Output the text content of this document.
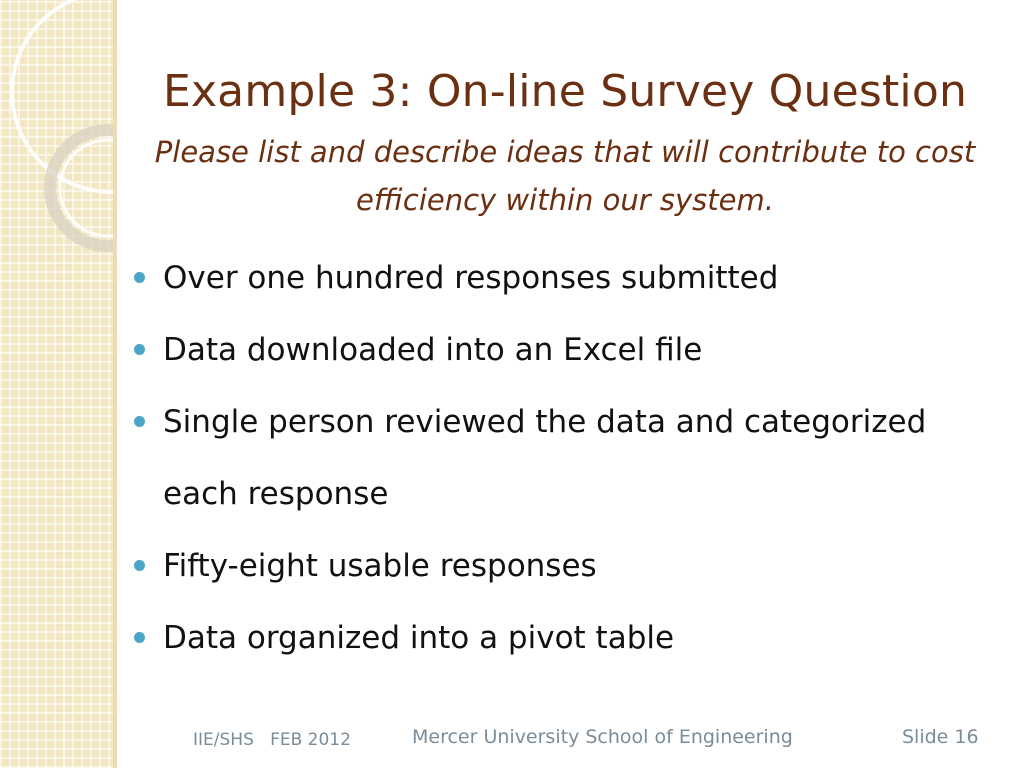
Example 3: On-line Survey Question

Please list and describe ideas that will contribute to cost efficiency within our system.

Over one hundred responses submitted
Data downloaded into an Excel file
Single person reviewed the data and categorized each response
Fifty-eight usable responses
Data organized into a pivot table
IIE/SHS   FEB 2012	Mercer University School of Engineering	Slide 16
